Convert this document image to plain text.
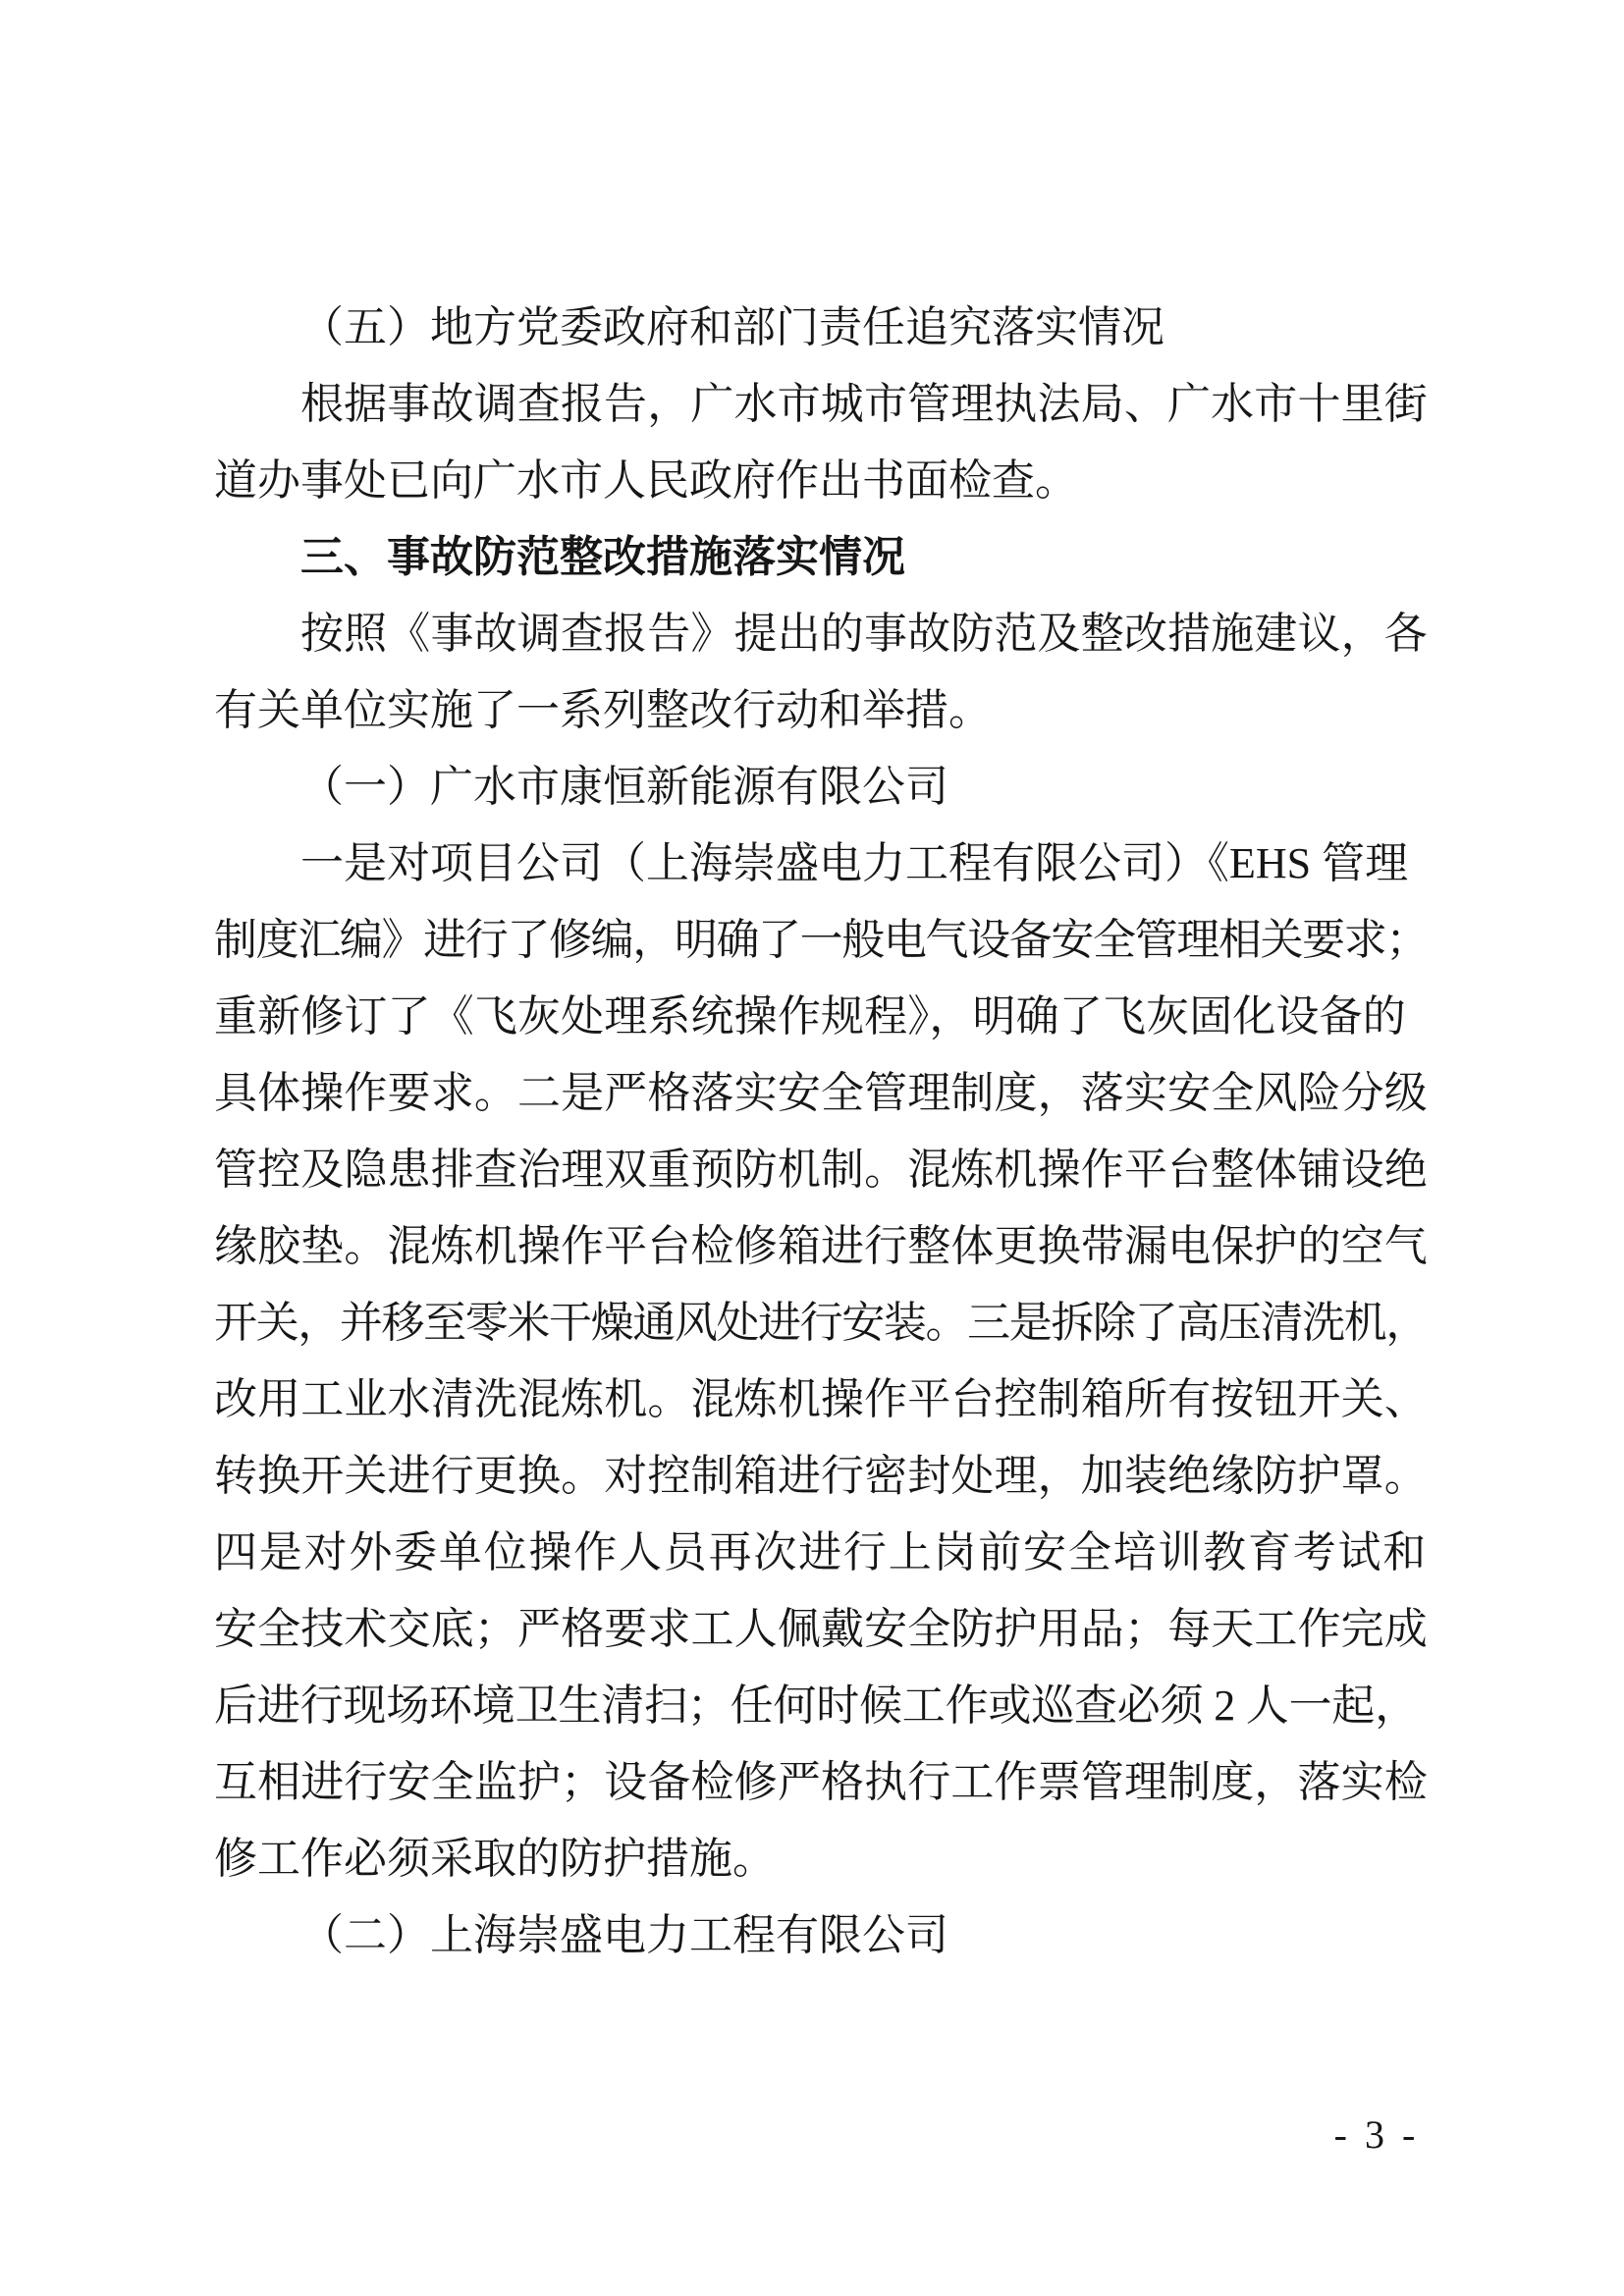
（五）地方党委政府和部门责任追究落实情况
根据事故调查报告，广水市城市管理执法局、广水市十里街
道办事处已向广水市人民政府作出书面检查。
三、事故防范整改措施落实情况
按照《事故调查报告》提出的事故防范及整改措施建议，各
有关单位实施了一系列整改行动和举措。
（一）广水市康恒新能源有限公司
一是对项目公司（上海崇盛电力工程有限公司）《EHS 管理
制度汇编》进行了修编，明确了一般电气设备安全管理相关要求；
重新修订了《飞灰处理系统操作规程》，明确了飞灰固化设备的
具体操作要求。二是严格落实安全管理制度，落实安全风险分级
管控及隐患排查治理双重预防机制。混炼机操作平台整体铺设绝
缘胶垫。混炼机操作平台检修箱进行整体更换带漏电保护的空气
开关，并移至零米干燥通风处进行安装。三是拆除了高压清洗机，
改用工业水清洗混炼机。混炼机操作平台控制箱所有按钮开关、
转换开关进行更换。对控制箱进行密封处理，加装绝缘防护罩。
四是对外委单位操作人员再次进行上岗前安全培训教育考试和
安全技术交底；严格要求工人佩戴安全防护用品；每天工作完成
后进行现场环境卫生清扫；任何时候工作或巡查必须 2 人一起，
互相进行安全监护；设备检修严格执行工作票管理制度，落实检
修工作必须采取的防护措施。
（二）上海崇盛电力工程有限公司
- 3 -
